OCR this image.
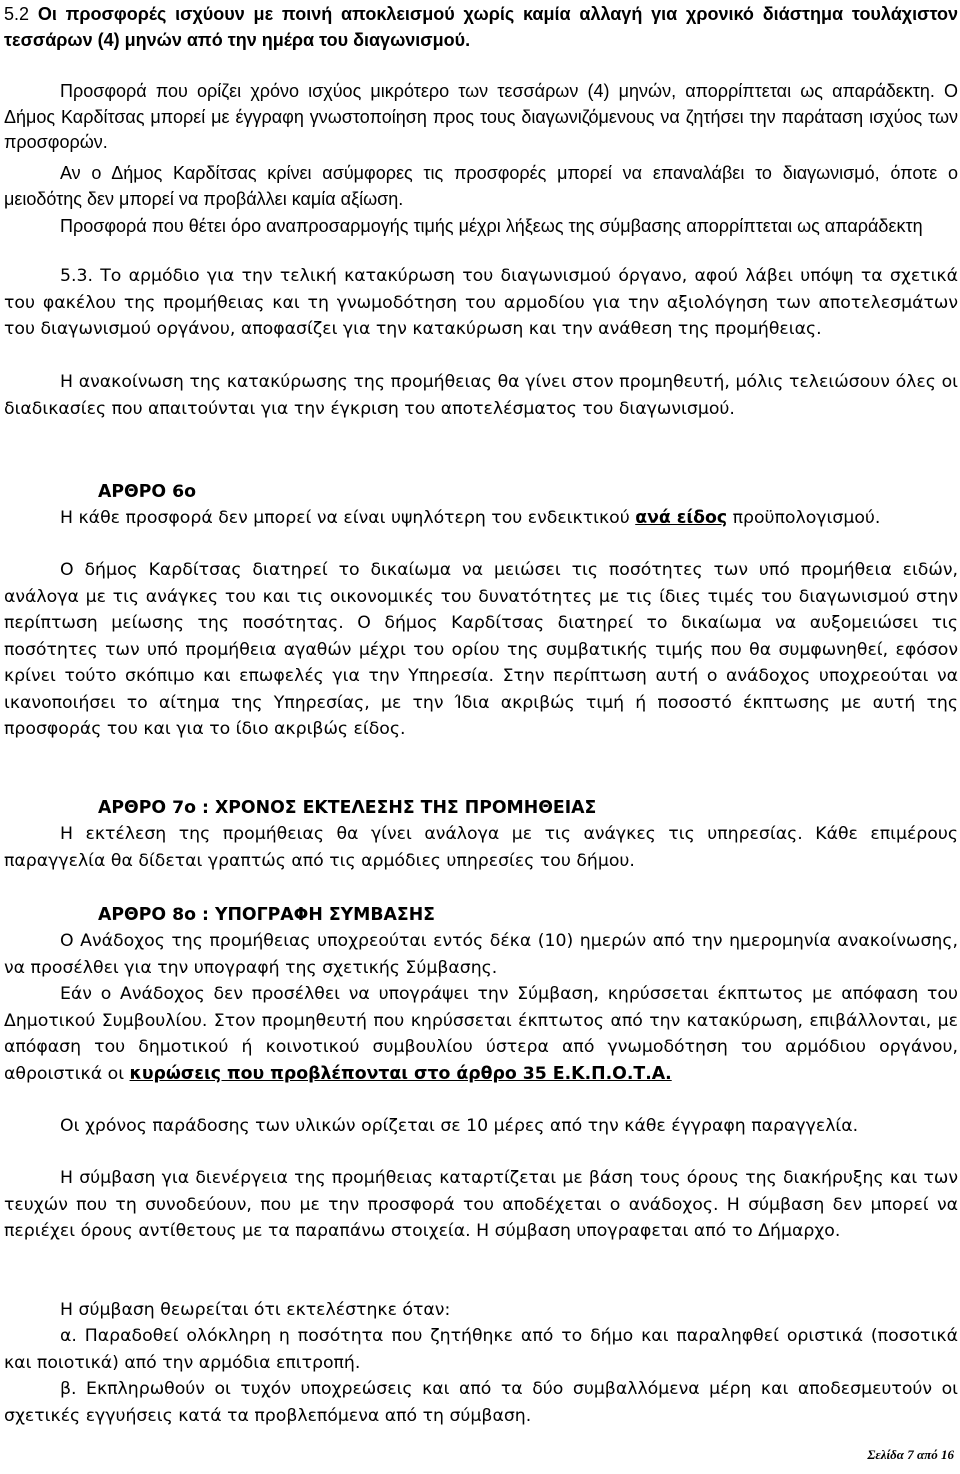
5.2 Οι προσφορές ισχύουν με ποινή αποκλεισμού χωρίς καμία αλλαγή για χρονικό διάστημα τουλάχιστον τεσσάρων (4) μηνών από την ημέρα του διαγωνισμού.

Προσφορά που ορίζει χρόνο ισχύος μικρότερο των τεσσάρων (4) μηνών, απορρίπτεται ως απαράδεκτη. Ο Δήμος Καρδίτσας μπορεί με έγγραφη γνωστοποίηση προς τους διαγωνιζόμενους να ζητήσει την παράταση ισχύος των προσφορών.

Αν ο Δήμος Καρδίτσας κρίνει ασύμφορες τις προσφορές μπορεί να επαναλάβει το διαγωνισμό, όποτε ο μειοδότης δεν μπορεί να προβάλλει καμία αξίωση.

Προσφορά που θέτει όρο αναπροσαρμογής τιμής μέχρι λήξεως της σύμβασης απορρίπτεται ως απαράδεκτη

5.3. Το αρμόδιο για την τελική κατακύρωση του διαγωνισμού όργανο, αφού λάβει υπόψη τα σχετικά του φακέλου της προμήθειας και τη γνωμοδότηση του αρμοδίου για την αξιολόγηση των αποτελεσμάτων του διαγωνισμού οργάνου, αποφασίζει για την κατακύρωση και την ανάθεση της προμήθειας.

Η ανακοίνωση της κατακύρωσης της προμήθειας θα γίνει στον προμηθευτή, μόλις τελειώσουν όλες οι διαδικασίες που απαιτούνται για την έγκριση του αποτελέσματος του διαγωνισμού.

ΑΡΘΡΟ 6ο

Η κάθε προσφορά δεν μπορεί να είναι υψηλότερη του ενδεικτικού ανά είδος προϋπολογισμού.

Ο δήμος Καρδίτσας διατηρεί το δικαίωμα να μειώσει τις ποσότητες των υπό προμήθεια ειδών, ανάλογα με τις ανάγκες του και τις οικονομικές του δυνατότητες με τις ίδιες τιμές του διαγωνισμού στην περίπτωση μείωσης της ποσότητας. Ο δήμος Καρδίτσας διατηρεί το δικαίωμα να αυξομειώσει τις ποσότητες των υπό προμήθεια αγαθών μέχρι του ορίου της συμβατικής τιμής που θα συμφωνηθεί, εφόσον κρίνει τούτο σκόπιμο και επωφελές για την Υπηρεσία. Στην περίπτωση αυτή ο ανάδοχος υποχρεούται να ικανοποιήσει το αίτημα της Υπηρεσίας, με την Ίδια ακριβώς τιμή ή ποσοστό έκπτωσης με αυτή της προσφοράς του και για το ίδιο ακριβώς είδος.

ΑΡΘΡΟ 7ο : ΧΡΟΝΟΣ ΕΚΤΕΛΕΣΗΣ ΤΗΣ ΠΡΟΜΗΘΕΙΑΣ

Η εκτέλεση της προμήθειας θα γίνει ανάλογα με τις ανάγκες τις υπηρεσίας. Κάθε επιμέρους παραγγελία θα δίδεται γραπτώς από τις αρμόδιες υπηρεσίες του δήμου.

ΑΡΘΡΟ 8ο : ΥΠΟΓΡΑΦΗ ΣΥΜΒΑΣΗΣ

Ο Ανάδοχος της προμήθειας υποχρεούται εντός δέκα (10) ημερών από την ημερομηνία ανακοίνωσης, να προσέλθει για την υπογραφή της σχετικής Σύμβασης.

Εάν ο Ανάδοχος δεν προσέλθει να υπογράψει την Σύμβαση, κηρύσσεται έκπτωτος με απόφαση του Δημοτικού Συμβουλίου. Στον προμηθευτή που κηρύσσεται έκπτωτος από την κατακύρωση, επιβάλλονται, με απόφαση του δημοτικού ή κοινοτικού συμβουλίου ύστερα από γνωμοδότηση του αρμόδιου οργάνου, αθροιστικά οι κυρώσεις που προβλέπονται στο άρθρο 35 Ε.Κ.Π.Ο.Τ.Α.

Οι χρόνος παράδοσης των υλικών ορίζεται σε 10 μέρες από την κάθε έγγραφη παραγγελία.

Η σύμβαση για διενέργεια της προμήθειας καταρτίζεται με βάση τους όρους της διακήρυξης και των τευχών που τη συνοδεύουν, που με την προσφορά του αποδέχεται ο ανάδοχος. Η σύμβαση δεν μπορεί να περιέχει όρους αντίθετους με τα παραπάνω στοιχεία. Η σύμβαση υπογραφεται από το Δήμαρχο.

Η σύμβαση θεωρείται ότι εκτελέστηκε όταν:

α. Παραδοθεί ολόκληρη η ποσότητα που ζητήθηκε από το δήμο και παραληφθεί οριστικά (ποσοτικά και ποιοτικά) από την αρμόδια επιτροπή.

β. Εκπληρωθούν οι τυχόν υποχρεώσεις και από τα δύο συμβαλλόμενα μέρη και αποδεσμευτούν οι σχετικές εγγυήσεις κατά τα προβλεπόμενα από τη σύμβαση.

Σελίδα 7 από 16
